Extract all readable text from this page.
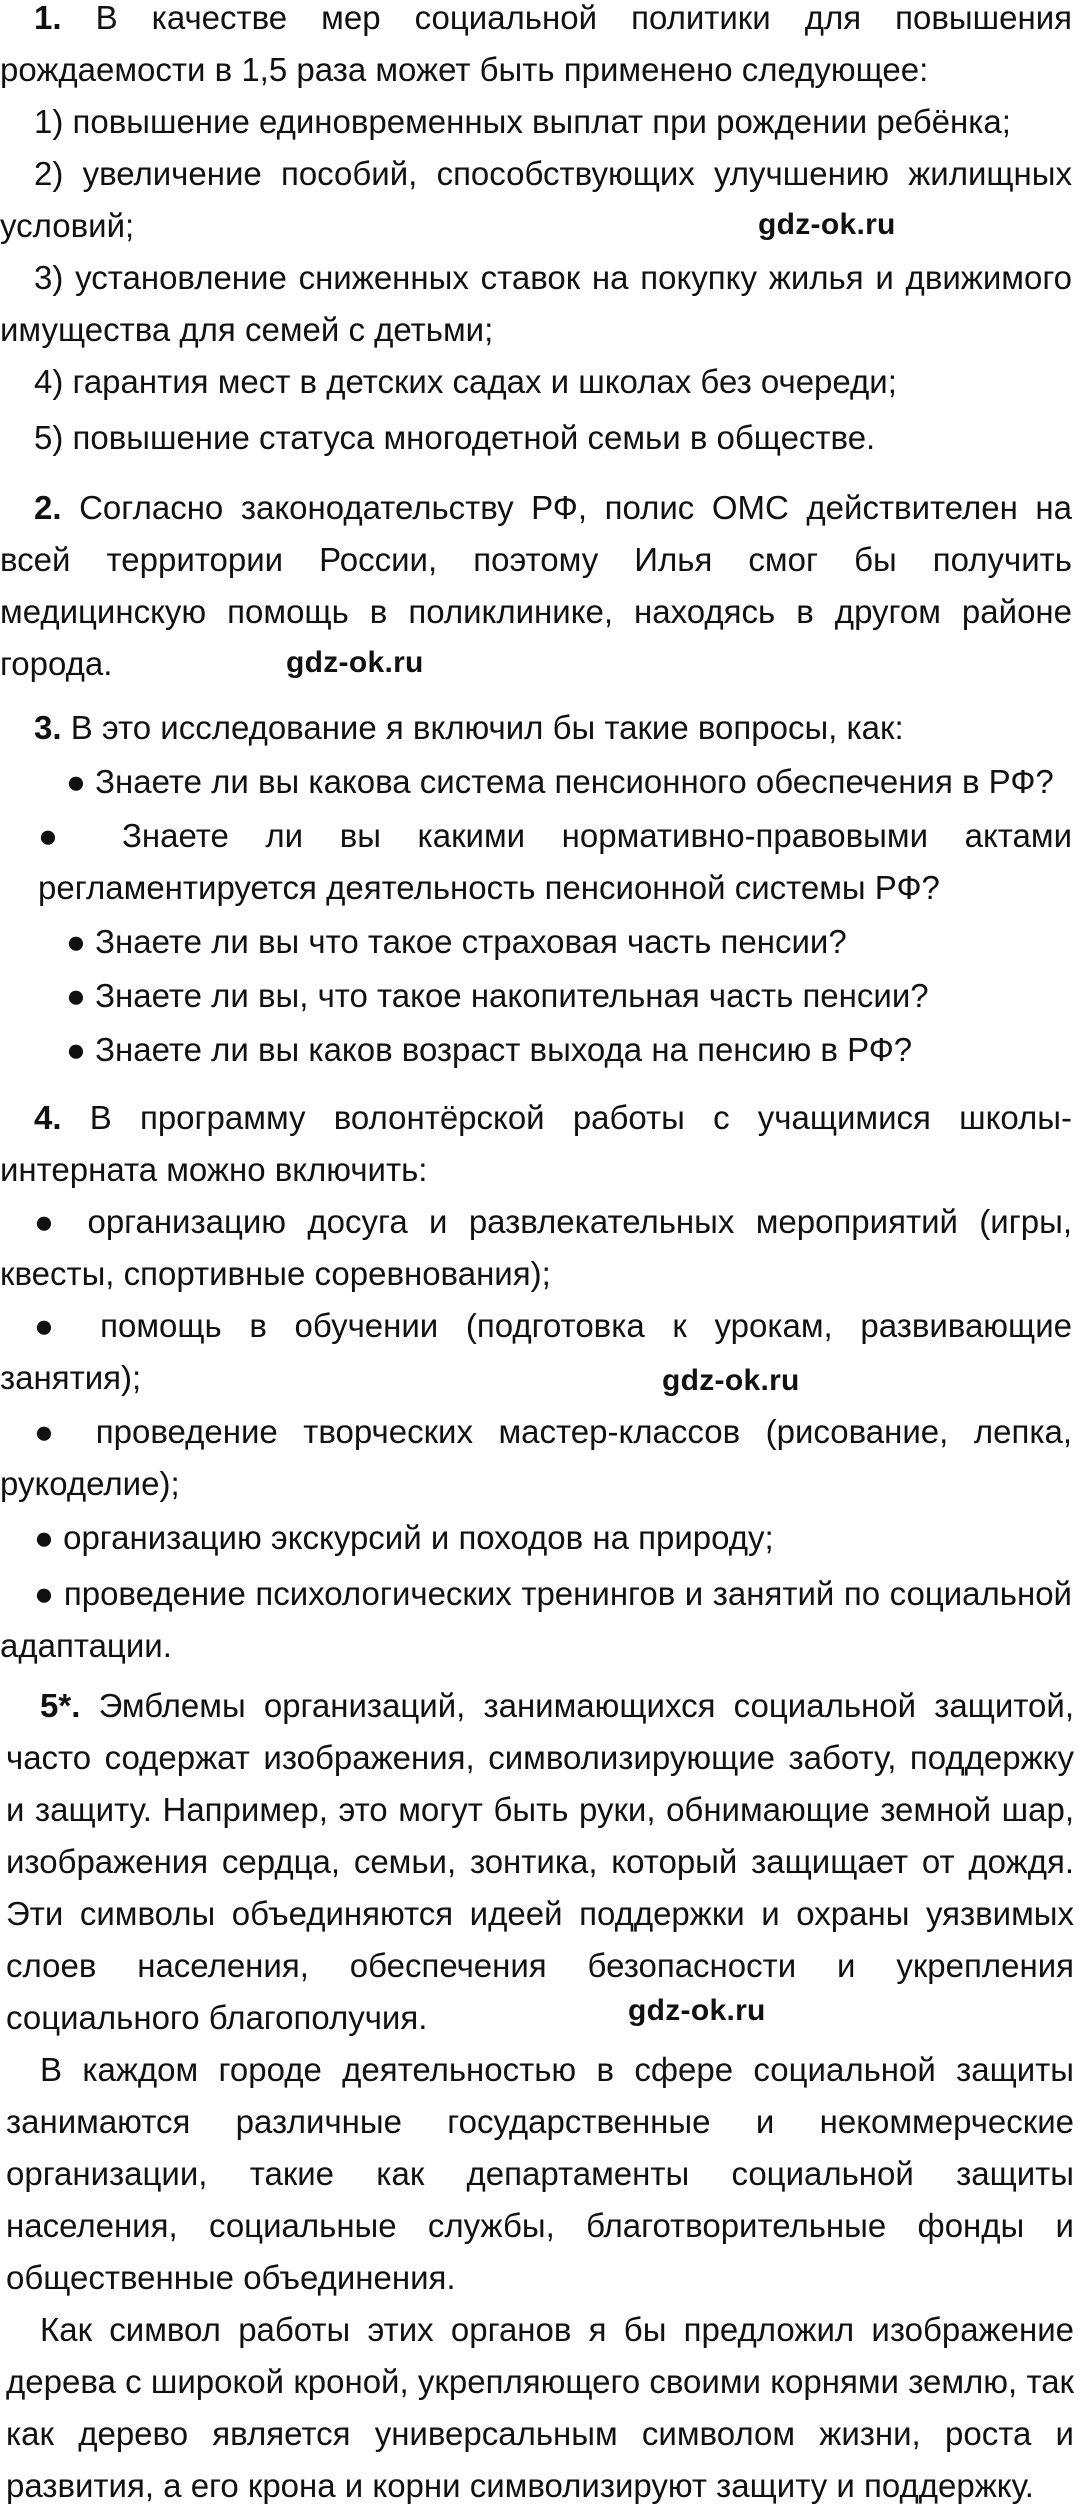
1. В качестве мер социальной политики для повышения рождаемости в 1,5 раза может быть применено следующее:

1) повышение единовременных выплат при рождении ребёнка;

2) увеличение пособий, способствующих улучшению жилищных условий;

3) установление сниженных ставок на покупку жилья и движимого имущества для семей с детьми;

4) гарантия мест в детских садах и школах без очереди;

5) повышение статуса многодетной семьи в обществе.

2. Согласно законодательству РФ, полис ОМС действителен на всей территории России, поэтому Илья смог бы получить медицинскую помощь в поликлинике, находясь в другом районе города.

3. В это исследование я включил бы такие вопросы, как:

● Знаете ли вы какова система пенсионного обеспечения в РФ?

● Знаете ли вы какими нормативно-правовыми актами регламентируется деятельность пенсионной системы РФ?

● Знаете ли вы что такое страховая часть пенсии?

● Знаете ли вы, что такое накопительная часть пенсии?

● Знаете ли вы каков возраст выхода на пенсию в РФ?

4. В программу волонтёрской работы с учащимися школы-интерната можно включить:

● организацию досуга и развлекательных мероприятий (игры, квесты, спортивные соревнования);

● помощь в обучении (подготовка к урокам, развивающие занятия);

● проведение творческих мастер-классов (рисование, лепка, рукоделие);

● организацию экскурсий и походов на природу;

● проведение психологических тренингов и занятий по социальной адаптации.

5*. Эмблемы организаций, занимающихся социальной защитой, часто содержат изображения, символизирующие заботу, поддержку и защиту. Например, это могут быть руки, обнимающие земной шар, изображения сердца, семьи, зонтика, который защищает от дождя. Эти символы объединяются идеей поддержки и охраны уязвимых слоев населения, обеспечения безопасности и укрепления социального благополучия.

В каждом городе деятельностью в сфере социальной защиты занимаются различные государственные и некоммерческие организации, такие как департаменты социальной защиты населения, социальные службы, благотворительные фонды и общественные объединения.

Как символ работы этих органов я бы предложил изображение дерева с широкой кроной, укрепляющего своими корнями землю, так как дерево является универсальным символом жизни, роста и развития, а его крона и корни символизируют защиту и поддержку.

gdz-ok.ru
gdz-ok.ru
gdz-ok.ru
gdz-ok.ru
